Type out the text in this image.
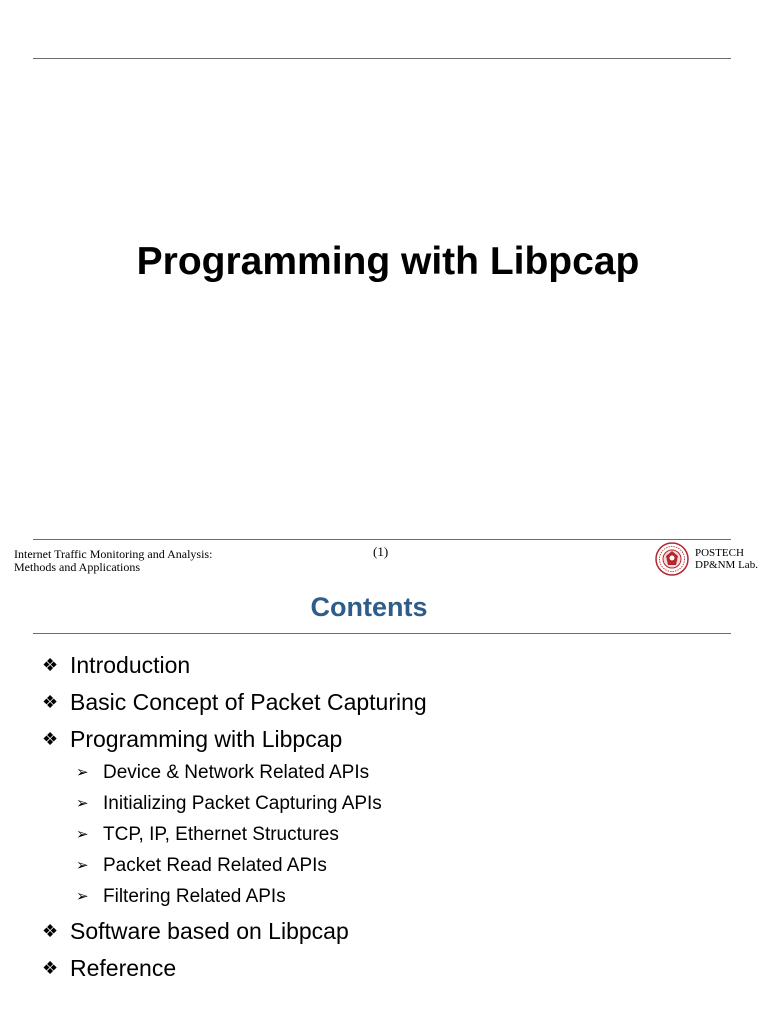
Programming with Libpcap
Internet Traffic Monitoring and Analysis:
Methods and Applications
(1)	POSTECH
DP&NM Lab.
Contents
❖ Introduction
❖ Basic Concept of Packet Capturing
❖ Programming with Libpcap
➢ Device & Network Related APIs
➢ Initializing Packet Capturing APIs
➢ TCP, IP, Ethernet Structures
➢ Packet Read Related APIs
➢ Filtering Related APIs
❖ Software based on Libpcap
❖ Reference
